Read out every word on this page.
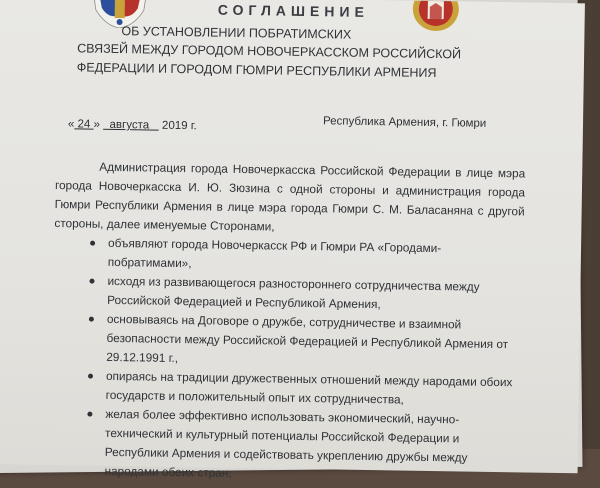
СОГЛАШЕНИЕ
ОБ УСТАНОВЛЕНИИ ПОБРАТИМСКИХ
СВЯЗЕЙ МЕЖДУ ГОРОДОМ НОВОЧЕРКАССКОМ РОССИЙСКОЙ
ФЕДЕРАЦИИ И ГОРОДОМ ГЮМРИ РЕСПУБЛИКИ АРМЕНИЯ
« 24 » августа 2019 г.	Республика Армения, г. Гюмри

Администрация города Новочеркасска Российской Федерации в лице мэра города Новочеркасска И. Ю. Зюзина с одной стороны и администрация города Гюмри Республики Армения в лице мэра города Гюмри С. М. Баласаняна с другой стороны, далее именуемые Сторонами,

объявляют города Новочеркасск РФ и Гюмри РА «Городами-побратимами»,
исходя из развивающегося разностороннего сотрудничества между Российской Федерацией и Республикой Армения,
основываясь на Договоре о дружбе, сотрудничестве и взаимной безопасности между Российской Федерацией и Республикой Армения от 29.12.1991 г.,
опираясь на традиции дружественных отношений между народами обоих государств и положительный опыт их сотрудничества,
желая более эффективно использовать экономический, научно-технический и культурный потенциалы Российской Федерации и Республики Армения и содействовать укреплению дружбы между народами обеих стран,
